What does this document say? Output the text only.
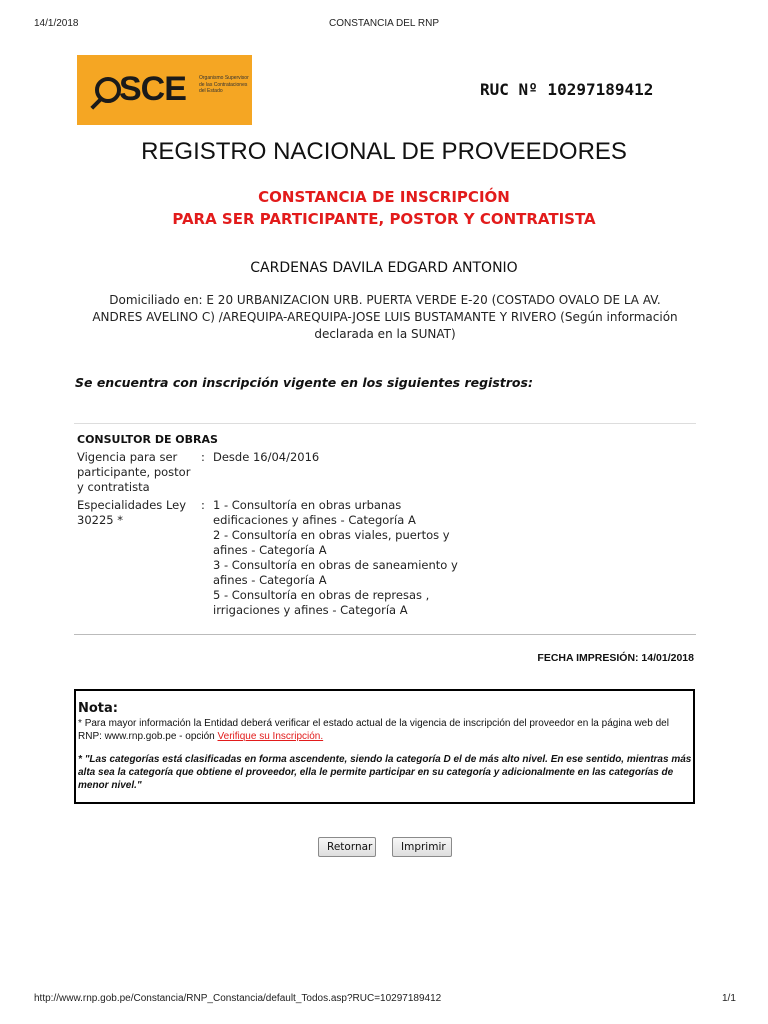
14/1/2018	CONSTANCIA DEL RNP
SCE	Organismo Supervisor de las Contrataciones del Estado	RUC Nº 10297189412
REGISTRO NACIONAL DE PROVEEDORES
CONSTANCIA DE INSCRIPCIÓN
PARA SER PARTICIPANTE, POSTOR Y CONTRATISTA
CARDENAS DAVILA EDGARD ANTONIO
Domiciliado en: E 20 URBANIZACION URB. PUERTA VERDE E-20 (COSTADO OVALO DE LA AV. ANDRES AVELINO C) /AREQUIPA-AREQUIPA-JOSE LUIS BUSTAMANTE Y RIVERO (Según información declarada en la SUNAT)
Se encuentra con inscripción vigente en los siguientes registros:
CONSULTOR DE OBRAS
Vigencia para ser participante, postor y contratista
: Desde 16/04/2016
Especialidades Ley 30225 *
: 1 - Consultoría en obras urbanas edificaciones y afines - Categoría A
2 - Consultoría en obras viales, puertos y afines - Categoría A
3 - Consultoría en obras de saneamiento y afines - Categoría A
5 - Consultoría en obras de represas , irrigaciones y afines - Categoría A
FECHA IMPRESIÓN: 14/01/2018
Nota:
* Para mayor información la Entidad deberá verificar el estado actual de la vigencia de inscripción del proveedor en la página web del RNP: www.rnp.gob.pe - opción Verifique su Inscripción.
* "Las categorías está clasificadas en forma ascendente, siendo la categoría D el de más alto nivel. En ese sentido, mientras más alta sea la categoría que obtiene el proveedor, ella le permite participar en su categoría y adicionalmente en las categorías de menor nivel."
Retornar	Imprimir
http://www.rnp.gob.pe/Constancia/RNP_Constancia/default_Todos.asp?RUC=10297189412	1/1
